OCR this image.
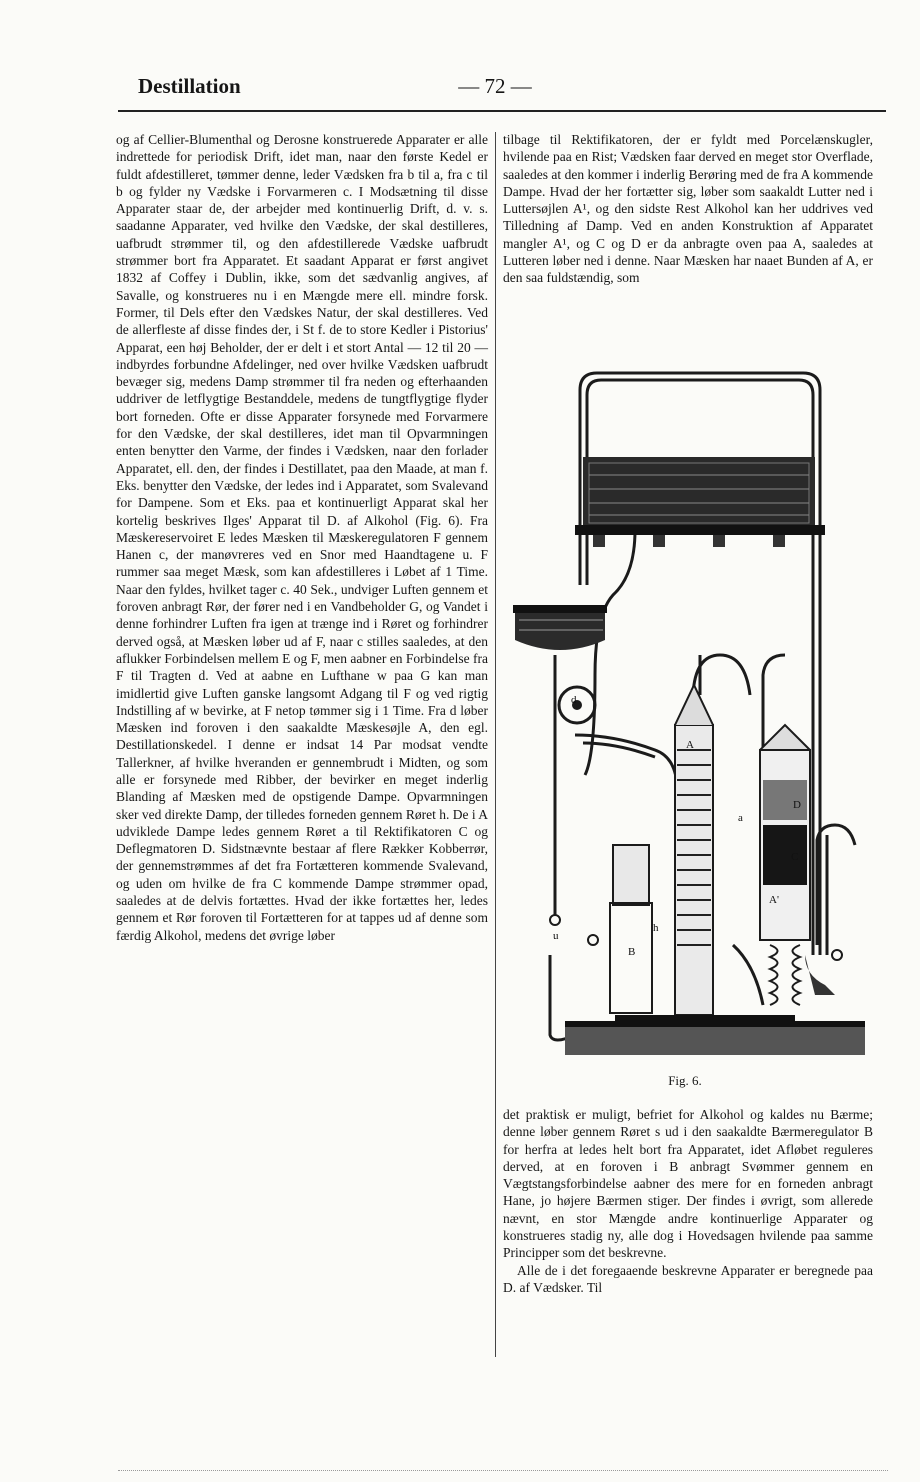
Destillation	— 72 —

og af Cellier-Blumenthal og Derosne konstruerede Apparater er alle indrettede for periodisk Drift, idet man, naar den første Kedel er fuldt afdestilleret, tømmer denne, leder Vædsken fra b til a, fra c til b og fylder ny Vædske i Forvarmeren c. I Modsætning til disse Apparater staar de, der arbejder med kontinuerlig Drift, d. v. s. saadanne Apparater, ved hvilke den Vædske, der skal destilleres, uafbrudt strømmer til, og den afdestillerede Vædske uafbrudt strømmer bort fra Apparatet. Et saadant Apparat er først angivet 1832 af Coffey i Dublin, ikke, som det sædvanlig angives, af Savalle, og konstrueres nu i en Mængde mere ell. mindre forsk. Former, til Dels efter den Vædskes Natur, der skal destilleres. Ved de allerfleste af disse findes der, i St f. de to store Kedler i Pistorius' Apparat, een høj Beholder, der er delt i et stort Antal — 12 til 20 — indbyrdes forbundne Afdelinger, ned over hvilke Vædsken uafbrudt bevæger sig, medens Damp strømmer til fra neden og efterhaanden uddriver de letflygtige Bestanddele, medens de tungtflygtige flyder bort forneden. Ofte er disse Apparater forsynede med Forvarmere for den Vædske, der skal destilleres, idet man til Opvarmningen enten benytter den Varme, der findes i Vædsken, naar den forlader Apparatet, ell. den, der findes i Destillatet, paa den Maade, at man f. Eks. benytter den Vædske, der ledes ind i Apparatet, som Svalevand for Dampene. Som et Eks. paa et kontinuerligt Apparat skal her kortelig beskrives Ilges' Apparat til D. af Alkohol (Fig. 6). Fra Mæskereservoiret E ledes Mæsken til Mæskeregulatoren F gennem Hanen c, der manøvreres ved en Snor med Haandtagene u. F rummer saa meget Mæsk, som kan afdestilleres i Løbet af 1 Time. Naar den fyldes, hvilket tager c. 40 Sek., undviger Luften gennem et foroven anbragt Rør, der fører ned i en Vandbeholder G, og Vandet i denne forhindrer Luften fra igen at trænge ind i Røret og forhindrer derved også, at Mæsken løber ud af F, naar c stilles saaledes, at den aflukker Forbindelsen mellem E og F, men aabner en Forbindelse fra F til Tragten d. Ved at aabne en Lufthane w paa G kan man imidlertid give Luften ganske langsomt Adgang til F og ved rigtig Indstilling af w bevirke, at F netop tømmer sig i 1 Time. Fra d løber Mæsken ind foroven i den saakaldte Mæskesøjle A, den egl. Destillationskedel. I denne er indsat 14 Par modsat vendte Tallerkner, af hvilke hveranden er gennembrudt i Midten, og som alle er forsynede med Ribber, der bevirker en meget inderlig Blanding af Mæsken med de opstigende Dampe. Opvarmningen sker ved direkte Damp, der tilledes forneden gennem Røret h. De i A udviklede Dampe ledes gennem Røret a til Rektifikatoren C og Deflegmatoren D. Sidstnævnte bestaar af flere Rækker Kobberrør, der gennemstrømmes af det fra Fortætteren kommende Svalevand, og uden om hvilke de fra C kommende Dampe strømmer opad, saaledes at de delvis fortættes. Hvad der ikke fortættes her, ledes gennem et Rør foroven til Fortætteren for at tappes ud af denne som færdig Alkohol, medens det øvrige løber

tilbage til Rektifikatoren, der er fyldt med Porcelænskugler, hvilende paa en Rist; Vædsken faar derved en meget stor Overflade, saaledes at den kommer i inderlig Berøring med de fra A kommende Dampe. Hvad der her fortætter sig, løber som saakaldt Lutter ned i Luttersøjlen A¹, og den sidste Rest Alkohol kan her uddrives ved Tilledning af Damp. Ved en anden Konstruktion af Apparatet mangler A¹, og C og D er da anbragte oven paa A, saaledes at Lutteren løber ned i denne. Naar Mæsken har naaet Bunden af A, er den saa fuldstændig, som

A
A'
B
C
D
a
d
h
u
Fig. 6.

det praktisk er muligt, befriet for Alkohol og kaldes nu Bærme; denne løber gennem Røret s ud i den saakaldte Bærmeregulator B for herfra at ledes helt bort fra Apparatet, idet Afløbet reguleres derved, at en foroven i B anbragt Svømmer gennem en Vægtstangsforbindelse aabner des mere for en forneden anbragt Hane, jo højere Bærmen stiger. Der findes i øvrigt, som allerede nævnt, en stor Mængde andre kontinuerlige Apparater og konstrueres stadig ny, alle dog i Hovedsagen hvilende paa samme Principper som det beskrevne.

Alle de i det foregaaende beskrevne Apparater er beregnede paa D. af Vædsker. Til
